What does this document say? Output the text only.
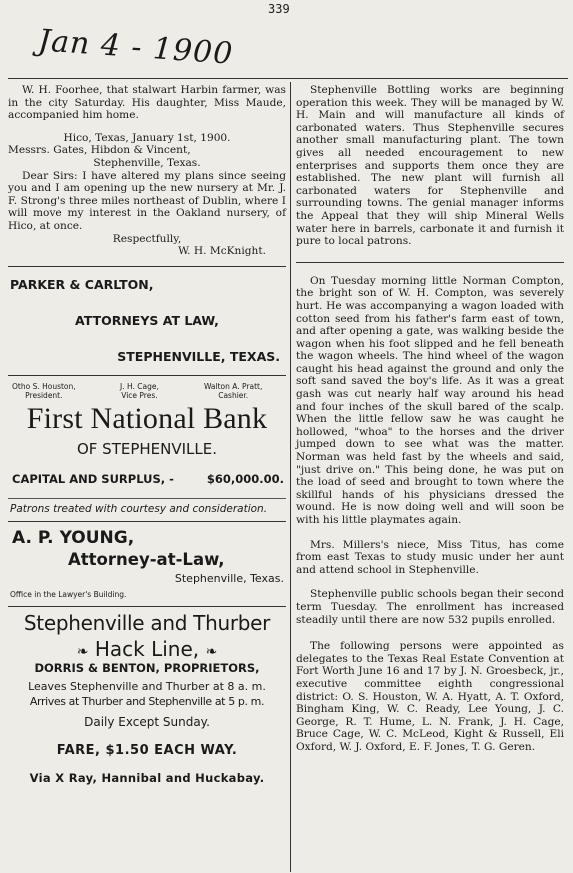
339
Jan 4 - 1900

W. H. Foorhee, that stalwart Harbin farmer, was in the city Saturday. His daughter, Miss Maude, accompanied him home.

Hico, Texas, January 1st, 1900.
Messrs. Gates, Hibdon & Vincent,
Stephenville, Texas.

Dear Sirs: I have altered my plans since seeing you and I am opening up the new nursery at Mr. J. F. Strong's three miles northeast of Dublin, where I will move my interest in the Oakland nursery, of Hico, at once.

Respectfully,
W. H. McKnight.
PARKER & CARLTON,
ATTORNEYS AT LAW,
STEPHENVILLE, TEXAS.
Otho S. Houston,
President.
J. H. Cage,
Vice Pres.
Walton A. Pratt,
Cashier.
First National Bank
OF STEPHENVILLE.
CAPITAL AND SURPLUS, -	$60,000.00.
Patrons treated with courtesy and consideration.
A. P. YOUNG,
Attorney-at-Law,
Stephenville, Texas.
Office in the Lawyer's Building.
Stephenville and Thurber
❧ Hack Line, ❧
DORRIS & BENTON, PROPRIETORS,
Leaves Stephenville and Thurber at 8 a. m.
Arrives at Thurber and Stephenville at 5 p. m.
Daily Except Sunday.
FARE, $1.50 EACH WAY.
Via X Ray, Hannibal and Huckabay.

Stephenville Bottling works are beginning operation this week. They will be managed by W. H. Main and will manufacture all kinds of carbonated waters. Thus Stephenville secures another small manufacturing plant. The town gives all needed encouragement to new enterprises and supports them once they are established. The new plant will furnish all carbonated waters for Stephenville and surrounding towns. The genial manager informs the Appeal that they will ship Mineral Wells water here in barrels, carbonate it and furnish it pure to local patrons.

On Tuesday morning little Norman Compton, the bright son of W. H. Compton, was severely hurt. He was accompanying a wagon loaded with cotton seed from his father's farm east of town, and after opening a gate, was walking beside the wagon when his foot slipped and he fell beneath the wagon wheels. The hind wheel of the wagon caught his head against the ground and only the soft sand saved the boy's life. As it was a great gash was cut nearly half way around his head and four inches of the skull bared of the scalp. When the little fellow saw he was caught he hollowed, "whoa" to the horses and the driver jumped down to see what was the matter. Norman was held fast by the wheels and said, "just drive on." This being done, he was put on the load of seed and brought to town where the skillful hands of his physicians dressed the wound. He is now doing well and will soon be with his little playmates again.

Mrs. Millers's niece, Miss Titus, has come from east Texas to study music under her aunt and attend school in Stephenville.

Stephenville public schools began their second term Tuesday. The enrollment has increased steadily until there are now 532 pupils enrolled.

The following persons were appointed as delegates to the Texas Real Estate Convention at Fort Worth June 16 and 17 by J. N. Groesbeck, jr., executive committee eighth congressional district: O. S. Houston, W. A. Hyatt, A. T. Oxford, Bingham King, W. C. Ready, Lee Young, J. C. George, R. T. Hume, L. N. Frank, J. H. Cage, Bruce Cage, W. C. McLeod, Kight & Russell, Eli Oxford, W. J. Oxford, E. F. Jones, T. G. Geren.
